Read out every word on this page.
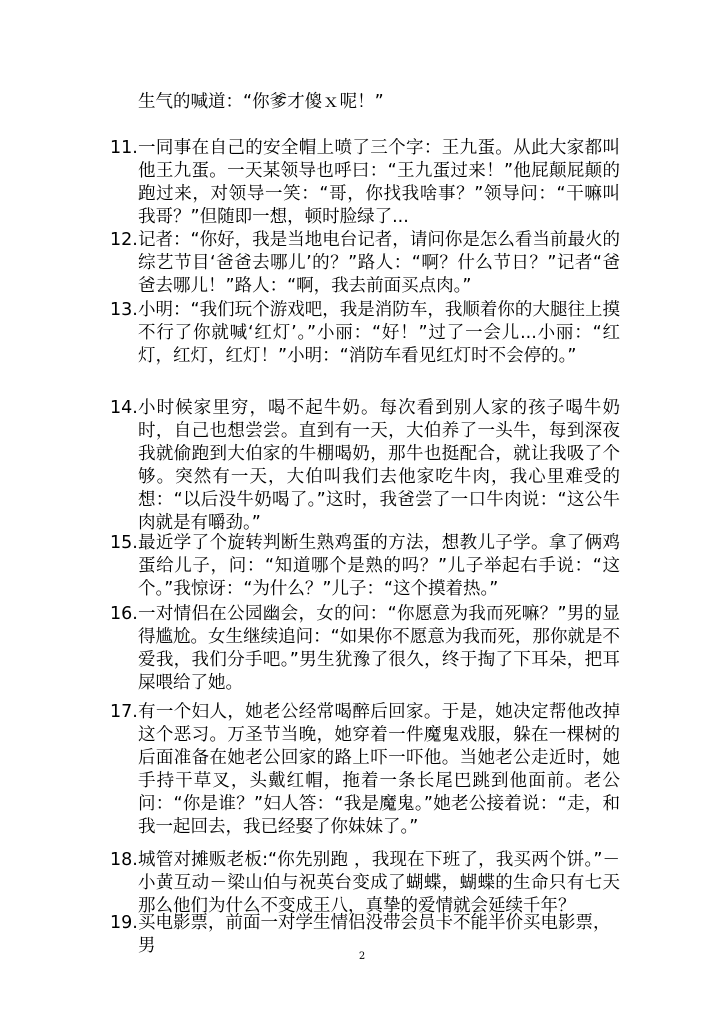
生气的喊道：“你爹才傻ｘ呢！”
11. 一同事在自己的安全帽上喷了三个字：王九蛋。从此大家都叫他王九蛋。一天某领导也呼曰：“王九蛋过来！”他屁颠屁颠的跑过来，对领导一笑：“哥，你找我啥事？”领导问：“干嘛叫我哥？”但随即一想，顿时脸绿了...
12. 记者：“你好，我是当地电台记者，请问你是怎么看当前最火的综艺节目‘爸爸去哪儿’的？”路人：“啊？什么节日？”记者“爸爸去哪儿！”路人：“啊，我去前面买点肉。”
13. 小明：“我们玩个游戏吧，我是消防车，我顺着你的大腿往上摸不行了你就喊‘红灯’。”小丽：“好！”过了一会儿...小丽：“红灯，红灯，红灯！”小明：“消防车看见红灯时不会停的。”
14. 小时候家里穷，喝不起牛奶。每次看到别人家的孩子喝牛奶时，自己也想尝尝。直到有一天，大伯养了一头牛，每到深夜我就偷跑到大伯家的牛棚喝奶，那牛也挺配合，就让我吸了个够。突然有一天，大伯叫我们去他家吃牛肉，我心里难受的想：“以后没牛奶喝了。”这时，我爸尝了一口牛肉说：“这公牛肉就是有嚼劲。”
15. 最近学了个旋转判断生熟鸡蛋的方法，想教儿子学。拿了俩鸡蛋给儿子，问：“知道哪个是熟的吗？”儿子举起右手说：“这个。”我惊讶：“为什么？”儿子：“这个摸着热。”
16. 一对情侣在公园幽会，女的问：“你愿意为我而死嘛？”男的显得尴尬。女生继续追问：“如果你不愿意为我而死，那你就是不爱我，我们分手吧。”男生犹豫了很久，终于掏了下耳朵，把耳屎喂给了她。
17. 有一个妇人，她老公经常喝醉后回家。于是，她决定帮他改掉这个恶习。万圣节当晚，她穿着一件魔鬼戏服，躲在一棵树的后面准备在她老公回家的路上吓一吓他。当她老公走近时，她手持干草叉，头戴红帽，拖着一条长尾巴跳到他面前。老公问：“你是谁？”妇人答：“我是魔鬼。”她老公接着说：“走，和我一起回去，我已经娶了你妹妹了。”
18. 城管对摊贩老板:“你先别跑 ，我现在下班了，我买两个饼。”－小黄互动－梁山伯与祝英台变成了蝴蝶，蝴蝶的生命只有七天那么他们为什么不变成王八，真挚的爱情就会延续千年？
19. 买电影票，前面一对学生情侣没带会员卡不能半价买电影票，男
2
